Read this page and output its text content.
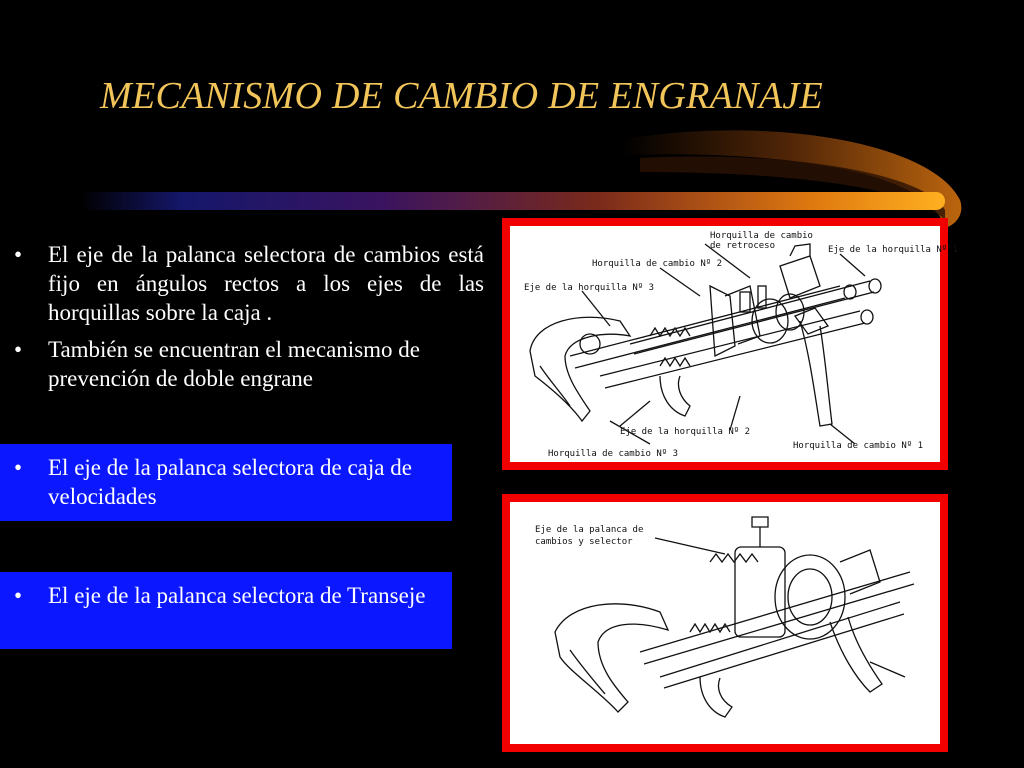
MECANISMO DE CAMBIO DE ENGRANAJE
•	El eje de la palanca selectora de cambios está fijo en ángulos rectos a los ejes de las horquillas sobre la caja .
•	También se encuentran el mecanismo de prevención de doble engrane
•	El eje de la palanca selectora de caja de velocidades
•	El eje de la palanca selectora de Transeje
Horquilla de cambio
de retroceso	Eje de la horquilla Nº 1
Horquilla de cambio Nº 2
Eje de la horquilla Nº 3
Eje de la horquilla Nº 2
Horquilla de cambio Nº 1
Horquilla de cambio Nº 3
Eje de la palanca de
cambios y selector
